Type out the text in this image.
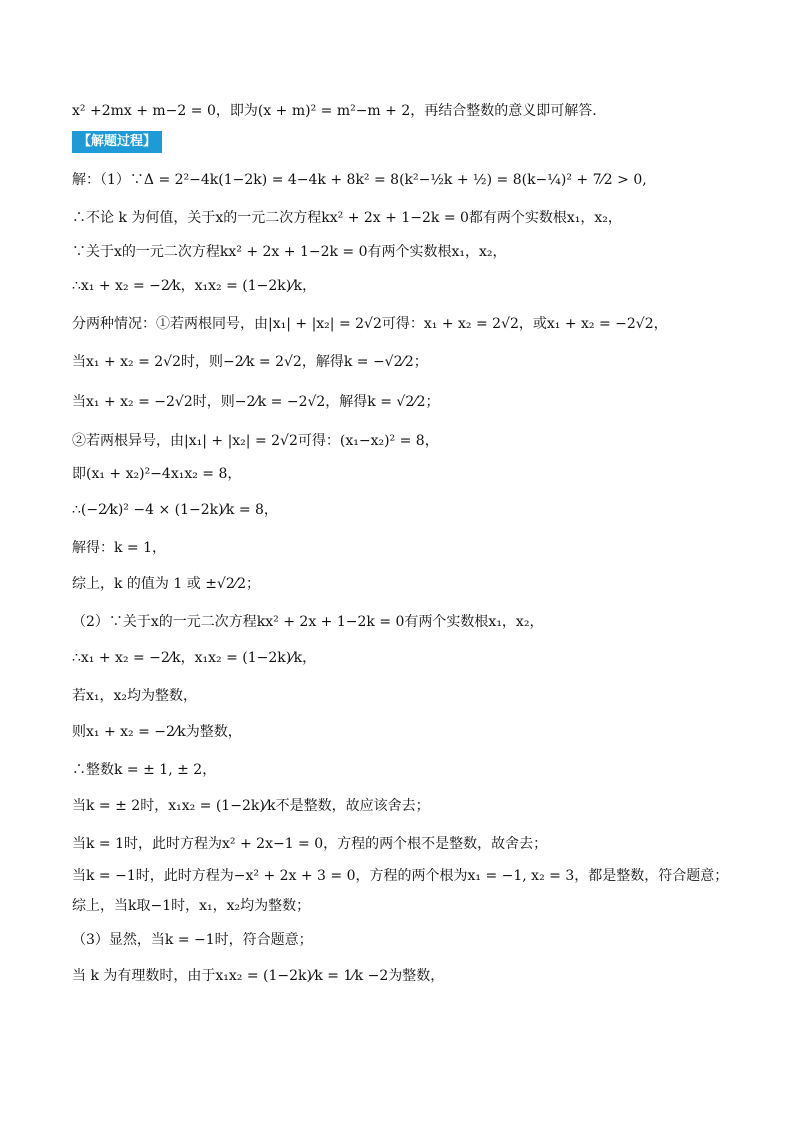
x² +2mx + m−2 = 0，即为(x + m)² = m²−m + 2，再结合整数的意义即可解答.
【解题过程】
解：（1）∵Δ = 2²−4k(1−2k) = 4−4k + 8k² = 8(k²−½k + ½) = 8(k−¼)² + 7⁄2 > 0,
∴不论 k 为何值，关于x的一元二次方程kx² + 2x + 1−2k = 0都有两个实数根x₁，x₂，
∵关于x的一元二次方程kx² + 2x + 1−2k = 0有两个实数根x₁，x₂，
∴x₁ + x₂ = −2⁄k，x₁x₂ = (1−2k)⁄k，
分两种情况：①若两根同号，由|x₁| + |x₂| = 2√2可得：x₁ + x₂ = 2√2，或x₁ + x₂ = −2√2，
当x₁ + x₂ = 2√2时，则−2⁄k = 2√2，解得k = −√2⁄2；
当x₁ + x₂ = −2√2时，则−2⁄k = −2√2，解得k = √2⁄2；
②若两根异号，由|x₁| + |x₂| = 2√2可得：(x₁−x₂)² = 8，
即(x₁ + x₂)²−4x₁x₂ = 8，
∴(−2⁄k)² −4 × (1−2k)⁄k = 8，
解得：k = 1，
综上，k 的值为 1 或 ±√2⁄2；
（2）∵关于x的一元二次方程kx² + 2x + 1−2k = 0有两个实数根x₁，x₂，
∴x₁ + x₂ = −2⁄k，x₁x₂ = (1−2k)⁄k，
若x₁，x₂均为整数，
则x₁ + x₂ = −2⁄k为整数，
∴整数k = ± 1, ± 2，
当k = ± 2时，x₁x₂ = (1−2k)⁄k不是整数，故应该舍去；
当k = 1时，此时方程为x² + 2x−1 = 0，方程的两个根不是整数，故舍去；
当k = −1时，此时方程为−x² + 2x + 3 = 0，方程的两个根为x₁ = −1, x₂ = 3，都是整数，符合题意；
综上，当k取−1时，x₁，x₂均为整数；
（3）显然，当k = −1时，符合题意；
当 k 为有理数时，由于x₁x₂ = (1−2k)⁄k = 1⁄k −2为整数，
